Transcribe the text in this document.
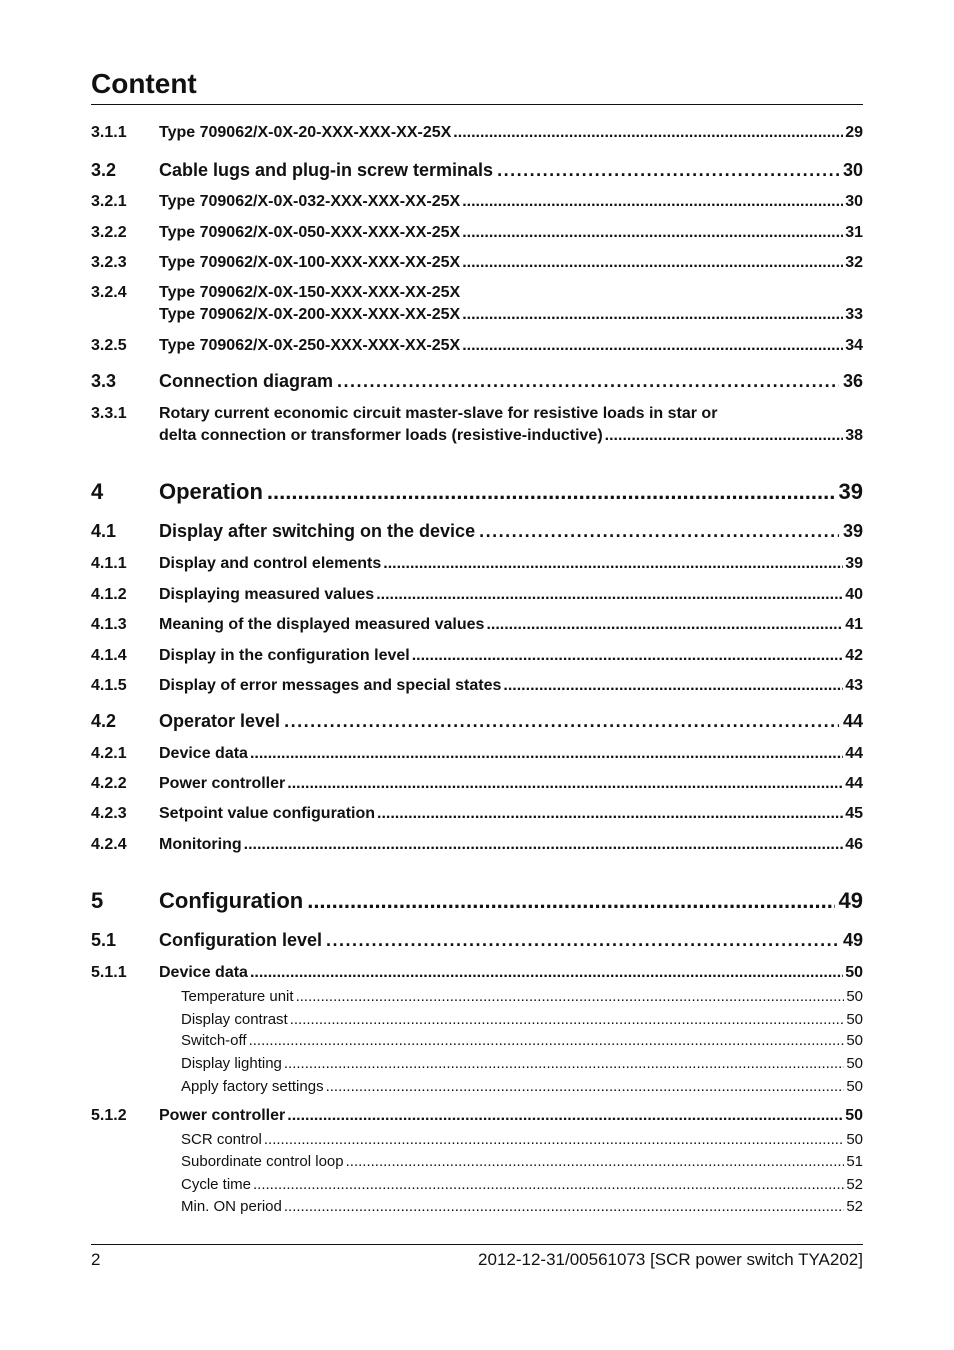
Content
3.1.1 Type 709062/X-0X-20-XXX-XXX-XX-25X .....	29
3.2 Cable lugs and plug-in screw terminals .....	30
3.2.1 Type 709062/X-0X-032-XXX-XXX-XX-25X .....	30
3.2.2 Type 709062/X-0X-050-XXX-XXX-XX-25X .....	31
3.2.3 Type 709062/X-0X-100-XXX-XXX-XX-25X .....	32
3.2.4 Type 709062/X-0X-150-XXX-XXX-XX-25X
Type 709062/X-0X-200-XXX-XXX-XX-25X .....	33
3.2.5 Type 709062/X-0X-250-XXX-XXX-XX-25X .....	34
3.3 Connection diagram .....	36
3.3.1 Rotary current economic circuit master-slave for resistive loads in star or
delta connection or transformer loads (resistive-inductive) .....	38
4	Operation .....	39
4.1 Display after switching on the device .....	39
4.1.1 Display and control elements .....	39
4.1.2 Displaying measured values .....	40
4.1.3 Meaning of the displayed measured values .....	41
4.1.4 Display in the configuration level .....	42
4.1.5 Display of error messages and special states .....	43
4.2 Operator level .....	44
4.2.1 Device data .....	44
4.2.2 Power controller .....	44
4.2.3 Setpoint value configuration .....	45
4.2.4 Monitoring .....	46
5	Configuration .....	49
5.1 Configuration level .....	49
5.1.1 Device data .....	50
Temperature unit .....	50
Display contrast .....	50
Switch-off .....	50
Display lighting .....	50
Apply factory settings .....	50
5.1.2 Power controller .....	50
SCR control .....	50
Subordinate control loop .....	51
Cycle time .....	52
Min. ON period .....	52
2	2012-12-31/00561073 [SCR power switch TYA202]
